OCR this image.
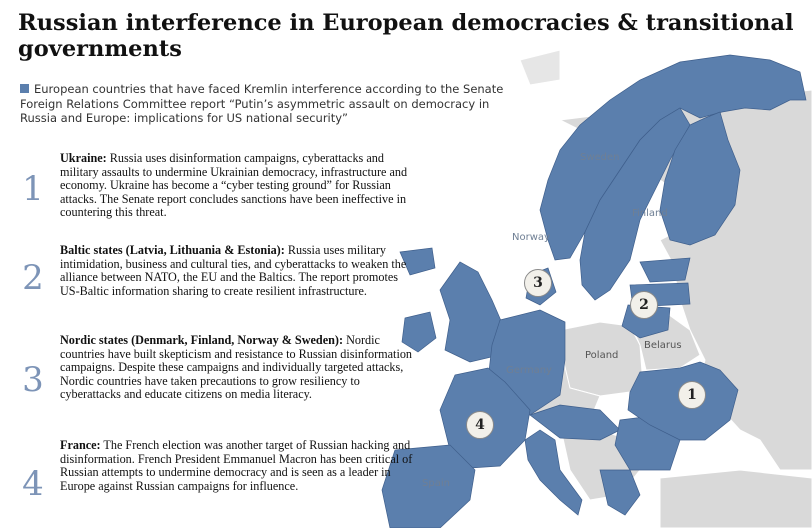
Sweden
Finland
Norway
Poland
Belarus
Germany
Spain
1
2
3
4
Russian interference in European democracies & transitional governments

European countries that have faced Kremlin interference according to the Senate Foreign Relations Committee report “Putin’s asymmetric assault on democracy in Russia and Europe: implications for US national security”

1

Ukraine: Russia uses disinformation campaigns, cyberattacks and military assaults to undermine Ukrainian democracy, infrastructure and economy. Ukraine has become a “cyber testing ground” for Russian attacks. The Senate report concludes sanctions have been ineffective in countering this threat.

2

Baltic states (Latvia, Lithuania & Estonia): Russia uses military intimidation, business and cultural ties, and cyberattacks to weaken the alliance between NATO, the EU and the Baltics. The report promotes US-Baltic information sharing to create resilient infrastructure.

3

Nordic states (Denmark, Finland, Norway & Sweden): Nordic countries have built skepticism and resistance to Russian disinformation campaigns. Despite these campaigns and individually targeted attacks, Nordic countries have taken precautions to grow resiliency to cyberattacks and educate citizens on media literacy.

4

France: The French election was another target of Russian hacking and disinformation. French President Emmanuel Macron has been critical of Russian attempts to undermine democracy and is seen as a leader in Europe against Russian campaigns for influence.
